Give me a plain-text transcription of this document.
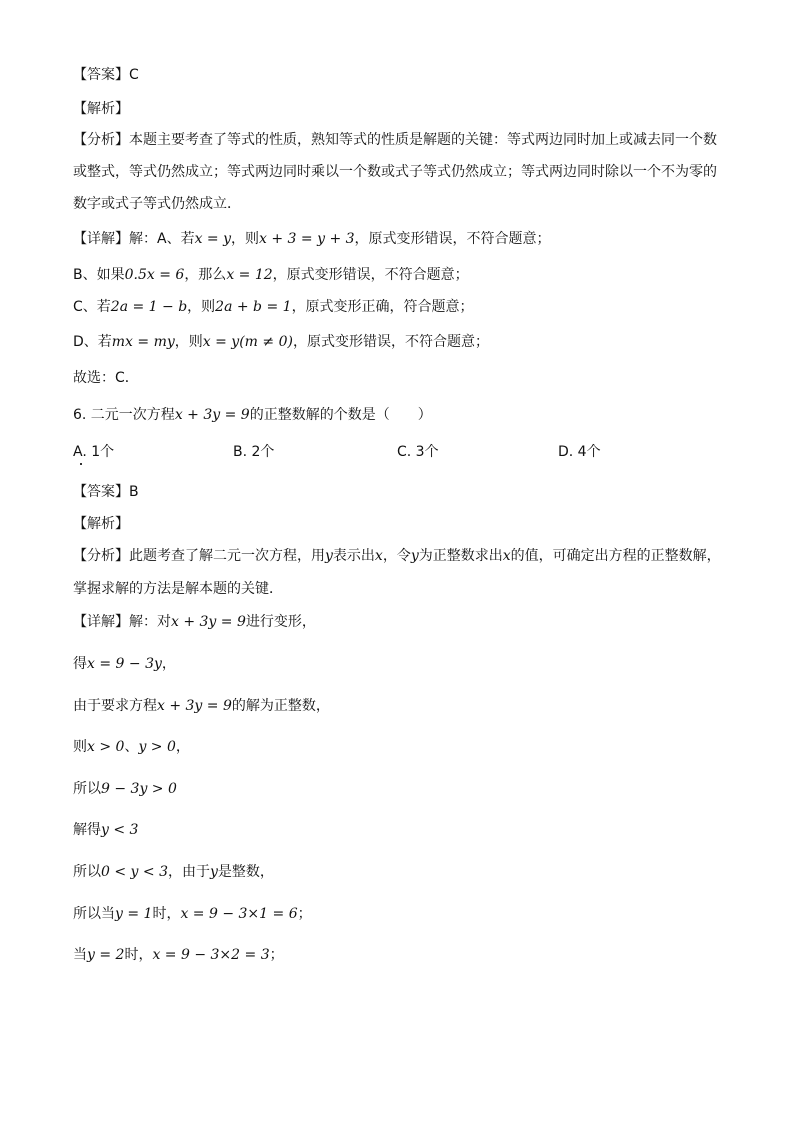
【答案】C
【解析】
【分析】本题主要考查了等式的性质，熟知等式的性质是解题的关键：等式两边同时加上或减去同一个数
或整式，等式仍然成立；等式两边同时乘以一个数或式子等式仍然成立；等式两边同时除以一个不为零的
数字或式子等式仍然成立．
【详解】解：A、若x = y，则x + 3 = y + 3，原式变形错误，不符合题意；
B、如果0.5x = 6，那么x = 12，原式变形错误，不符合题意；
C、若2a = 1 − b，则2a + b = 1，原式变形正确，符合题意；
D、若mx = my，则x = y(m ≠ 0)，原式变形错误，不符合题意；
故选：C．
6. 二元一次方程x + 3y = 9的正整数解的个数是（　　）
A. 1个	B. 2个	C. 3个	D. 4个
【答案】B
【解析】
【分析】此题考查了解二元一次方程，用y表示出x，令y为正整数求出x的值，可确定出方程的正整数解，
掌握求解的方法是解本题的关键．
【详解】解：对x + 3y = 9进行变形，
得x = 9 − 3y，
由于要求方程x + 3y = 9的解为正整数，
则x > 0、y > 0，
所以9 − 3y > 0
解得y < 3
所以0 < y < 3，由于y是整数，
所以当y = 1时，x = 9 − 3×1 = 6；
当y = 2时，x = 9 − 3×2 = 3；
